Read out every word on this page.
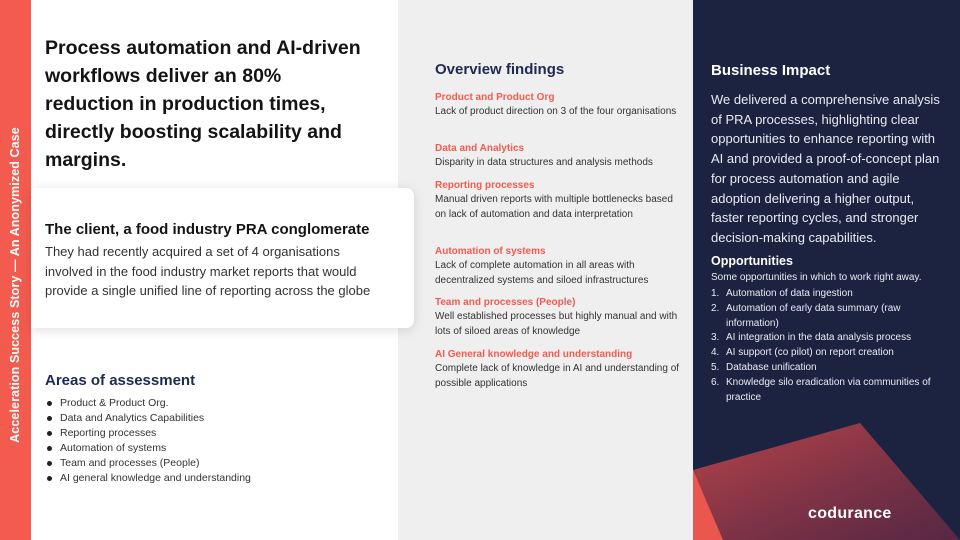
Acceleration Success Story — An Anonymized Case
Process automation and AI-driven workflows deliver an 80% reduction in production times, directly boosting scalability and margins.
The client, a food industry PRA conglomerate
They had recently acquired a set of 4 organisations involved in the food industry market reports that would provide a single unified line of reporting across the globe
Areas of assessment
Product & Product Org.
Data and Analytics Capabilities
Reporting processes
Automation of systems
Team and processes (People)
AI general knowledge and understanding
Overview findings
Product and Product Org
Lack of product direction on 3 of the four organisations
Data and Analytics
Disparity in data structures and analysis methods
Reporting processes
Manual driven reports with multiple bottlenecks based on lack of automation and data interpretation
Automation of systems
Lack of complete automation in all areas with decentralized systems and siloed infrastructures
Team and processes (People)
Well established processes but highly manual and with lots of siloed areas of knowledge
AI General knowledge and understanding
Complete lack of knowledge in AI and understanding of possible applications
Business Impact
We delivered a comprehensive analysis of PRA processes, highlighting clear opportunities to enhance reporting with AI and provided a proof-of-concept plan for process automation and agile adoption delivering a higher output, faster reporting cycles, and stronger decision-making capabilities.
Opportunities
Some opportunities in which to work right away.
1. Automation of data ingestion
2. Automation of early data summary (raw information)
3. AI integration in the data analysis process
4. AI support (co pilot) on report creation
5. Database unification
6. Knowledge silo eradication via communities of practice
codurance
